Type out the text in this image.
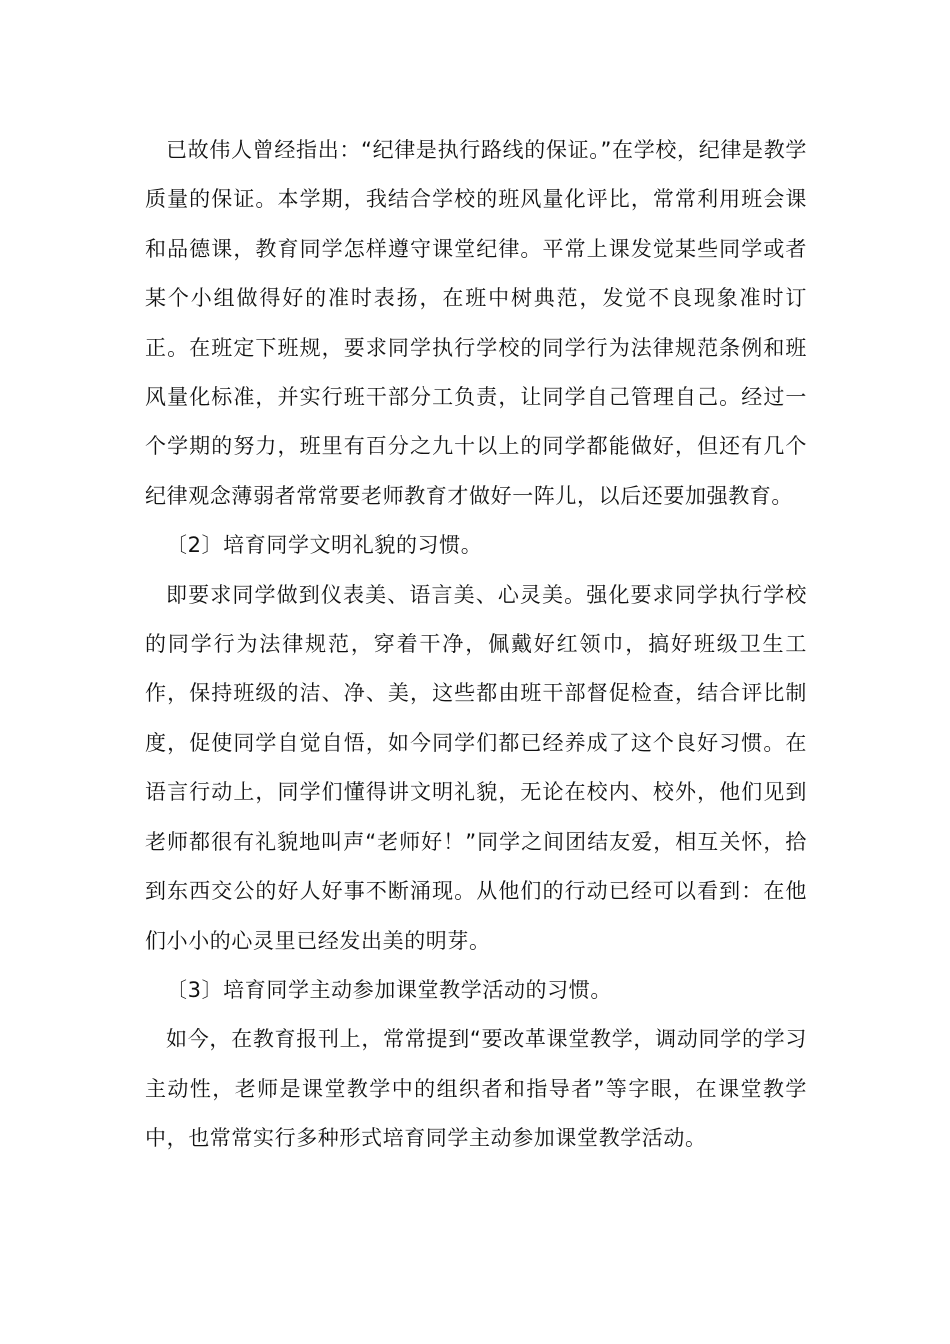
已故伟人曾经指出：“纪律是执行路线的保证。”在学校，纪律是教学质量的保证。本学期，我结合学校的班风量化评比，常常利用班会课和品德课，教育同学怎样遵守课堂纪律。平常上课发觉某些同学或者某个小组做得好的准时表扬，在班中树典范，发觉不良现象准时订正。在班定下班规，要求同学执行学校的同学行为法律规范条例和班风量化标准，并实行班干部分工负责，让同学自己管理自己。经过一个学期的努力，班里有百分之九十以上的同学都能做好，但还有几个纪律观念薄弱者常常要老师教育才做好一阵儿，以后还要加强教育。

〔2〕培育同学文明礼貌的习惯。

即要求同学做到仪表美、语言美、心灵美。强化要求同学执行学校的同学行为法律规范，穿着干净，佩戴好红领巾，搞好班级卫生工作，保持班级的洁、净、美，这些都由班干部督促检查，结合评比制度，促使同学自觉自悟，如今同学们都已经养成了这个良好习惯。在语言行动上，同学们懂得讲文明礼貌，无论在校内、校外，他们见到老师都很有礼貌地叫声“老师好！”同学之间团结友爱，相互关怀，拾到东西交公的好人好事不断涌现。从他们的行动已经可以看到：在他们小小的心灵里已经发出美的明芽。

〔3〕培育同学主动参加课堂教学活动的习惯。

如今，在教育报刊上，常常提到“要改革课堂教学，调动同学的学习主动性，老师是课堂教学中的组织者和指导者”等字眼，在课堂教学中，也常常实行多种形式培育同学主动参加课堂教学活动。
